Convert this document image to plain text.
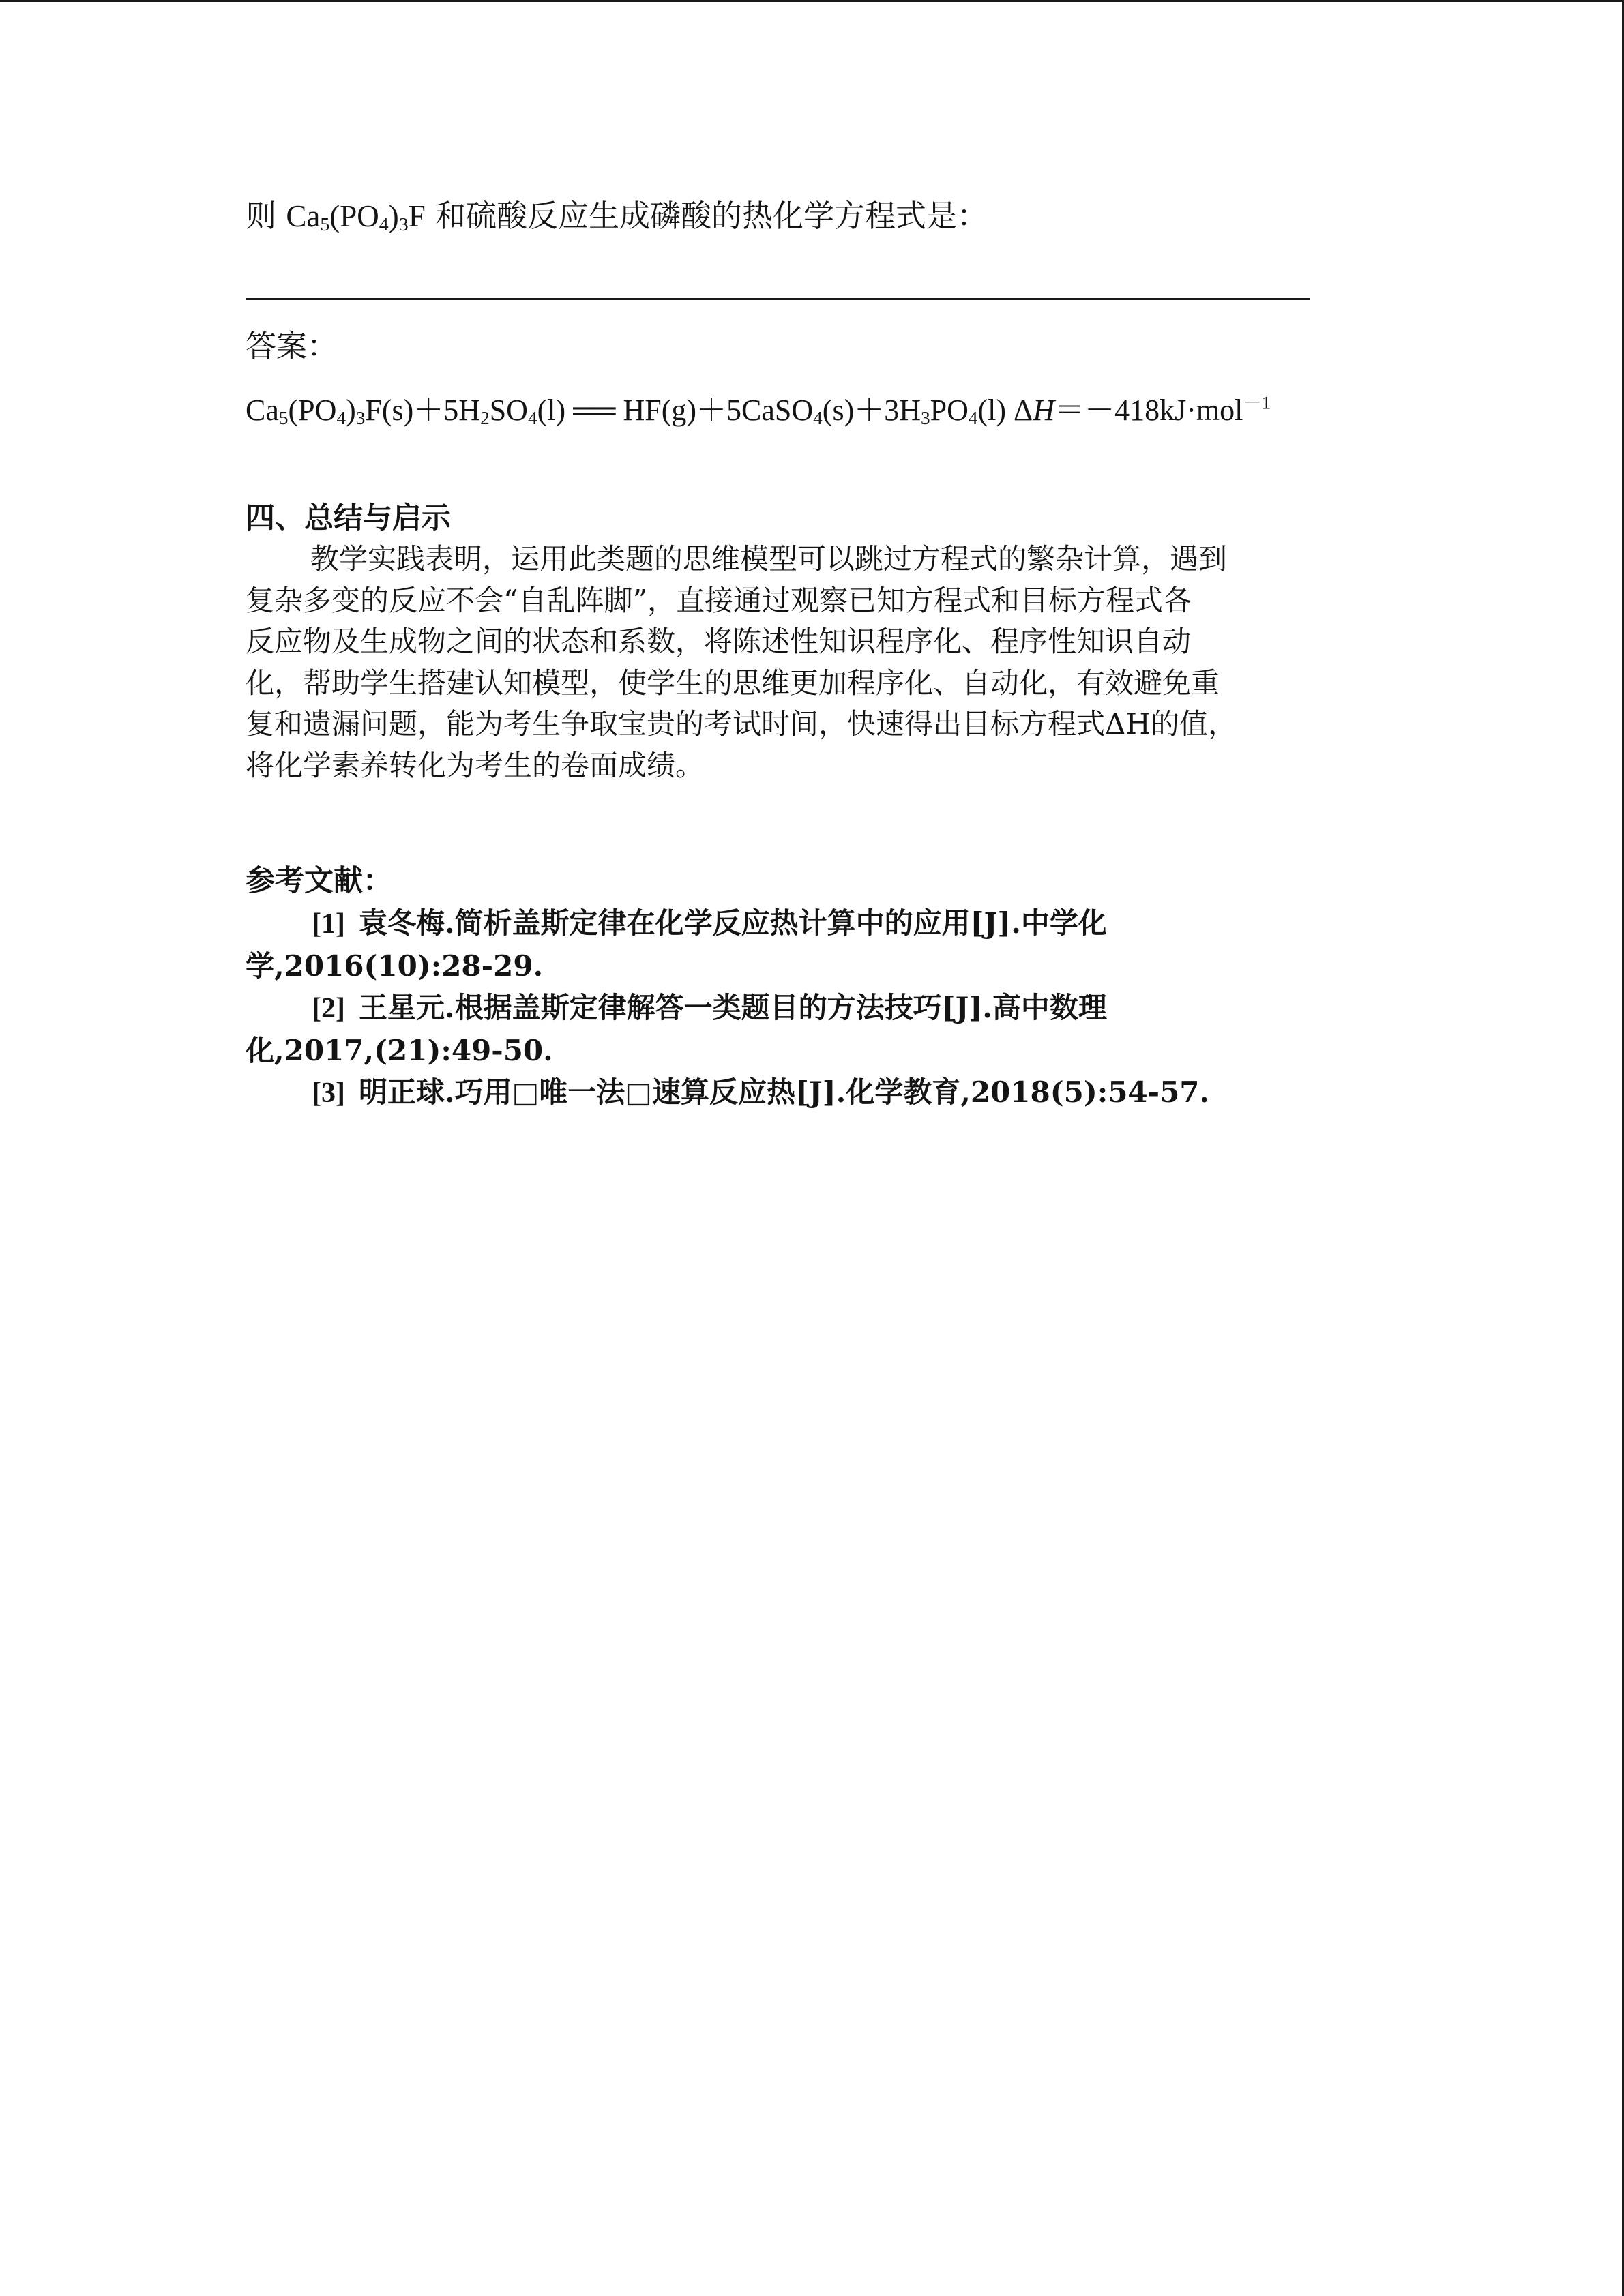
则 $Ca_5(PO_4)_3F$ 和硫酸反应生成磷酸的热化学方程式是：
答案：
$Ca_5(PO_4)_3F(s)+5H_2SO_4(l)$ ══ $HF(g)+5CaSO_4(s)+3H_3PO_4(l)$ ΔH＝－418kJ·mol$^{-1}$
四、总结与启示
教学实践表明，运用此类题的思维模型可以跳过方程式的繁杂计算，遇到
复杂多变的反应不会“自乱阵脚”，直接通过观察已知方程式和目标方程式各
反应物及生成物之间的状态和系数，将陈述性知识程序化、程序性知识自动
化，帮助学生搭建认知模型，使学生的思维更加程序化、自动化，有效避免重
复和遗漏问题，能为考生争取宝贵的考试时间，快速得出目标方程式ΔH的值，
将化学素养转化为考生的卷面成绩。
参考文献：
[1] 袁冬梅.简析盖斯定律在化学反应热计算中的应用[J].中学化
学,2016(10):28-29.
[2] 王星元.根据盖斯定律解答一类题目的方法技巧[J].高中数理
化,2017,(21):49-50.
[3] 明正球.巧用□唯一法□速算反应热[J].化学教育,2018(5):54-57.
